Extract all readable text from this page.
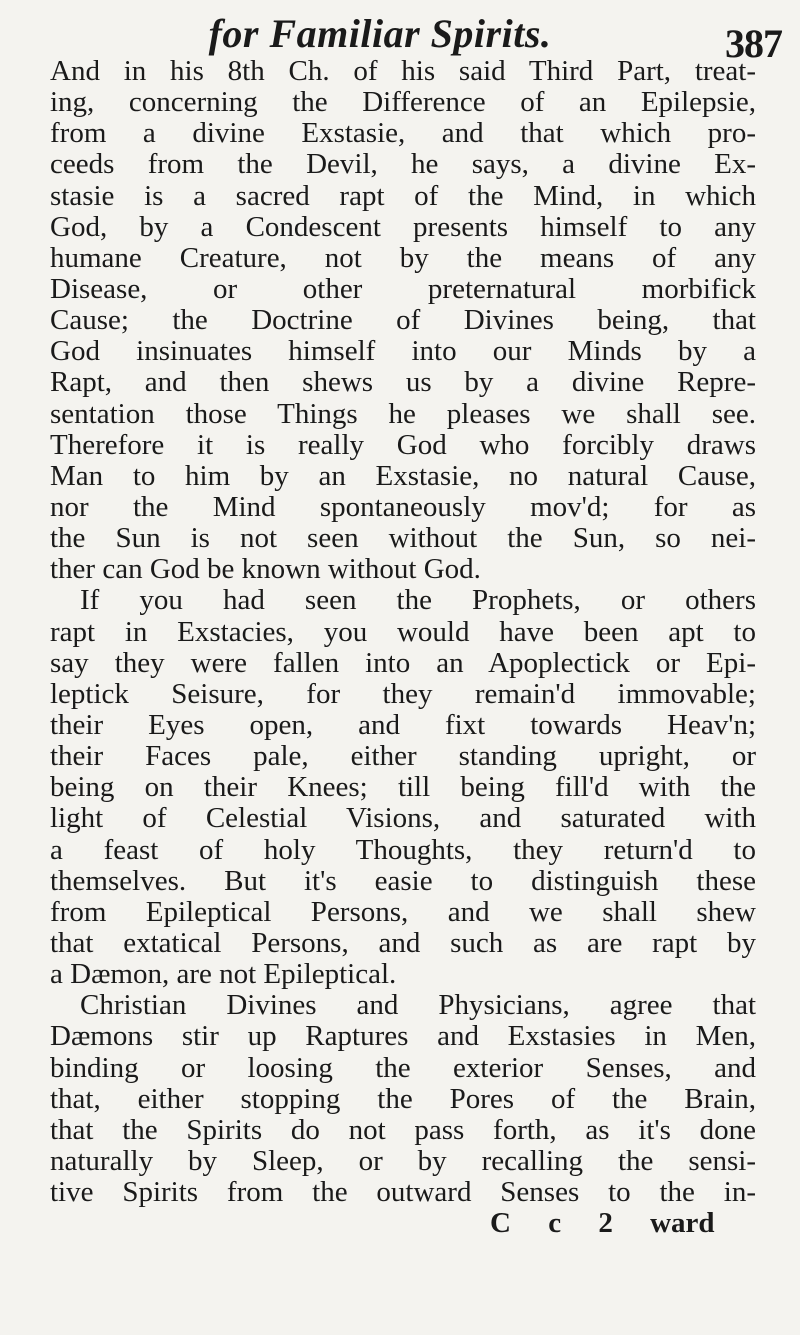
for Familiar Spirits.	387
And in his 8th Ch. of his said Third Part, treat-
ing, concerning the Difference of an Epilepsie,
from a divine Exstasie, and that which pro-
ceeds from the Devil, he says, a divine Ex-
stasie is a sacred rapt of the Mind, in which
God, by a Condescent presents himself to any
humane Creature, not by the means of any
Disease, or other preternatural morbifick
Cause; the Doctrine of Divines being, that
God insinuates himself into our Minds by a
Rapt, and then shews us by a divine Repre-
sentation those Things he pleases we shall see.
Therefore it is really God who forcibly draws
Man to him by an Exstasie, no natural Cause,
nor the Mind spontaneously mov'd; for as
the Sun is not seen without the Sun, so nei-
ther can God be known without God.
If you had seen the Prophets, or others
rapt in Exstacies, you would have been apt to
say they were fallen into an Apoplectick or Epi-
leptick Seisure, for they remain'd immovable;
their Eyes open, and fixt towards Heav'n;
their Faces pale, either standing upright, or
being on their Knees; till being fill'd with the
light of Celestial Visions, and saturated with
a feast of holy Thoughts, they return'd to
themselves. But it's easie to distinguish these
from Epileptical Persons, and we shall shew
that extatical Persons, and such as are rapt by
a Dæmon, are not Epileptical.
Christian Divines and Physicians, agree that
Dæmons stir up Raptures and Exstasies in Men,
binding or loosing the exterior Senses, and
that, either stopping the Pores of the Brain,
that the Spirits do not pass forth, as it's done
naturally by Sleep, or by recalling the sensi-
tive Spirits from the outward Senses to the in-
C c 2 ward
